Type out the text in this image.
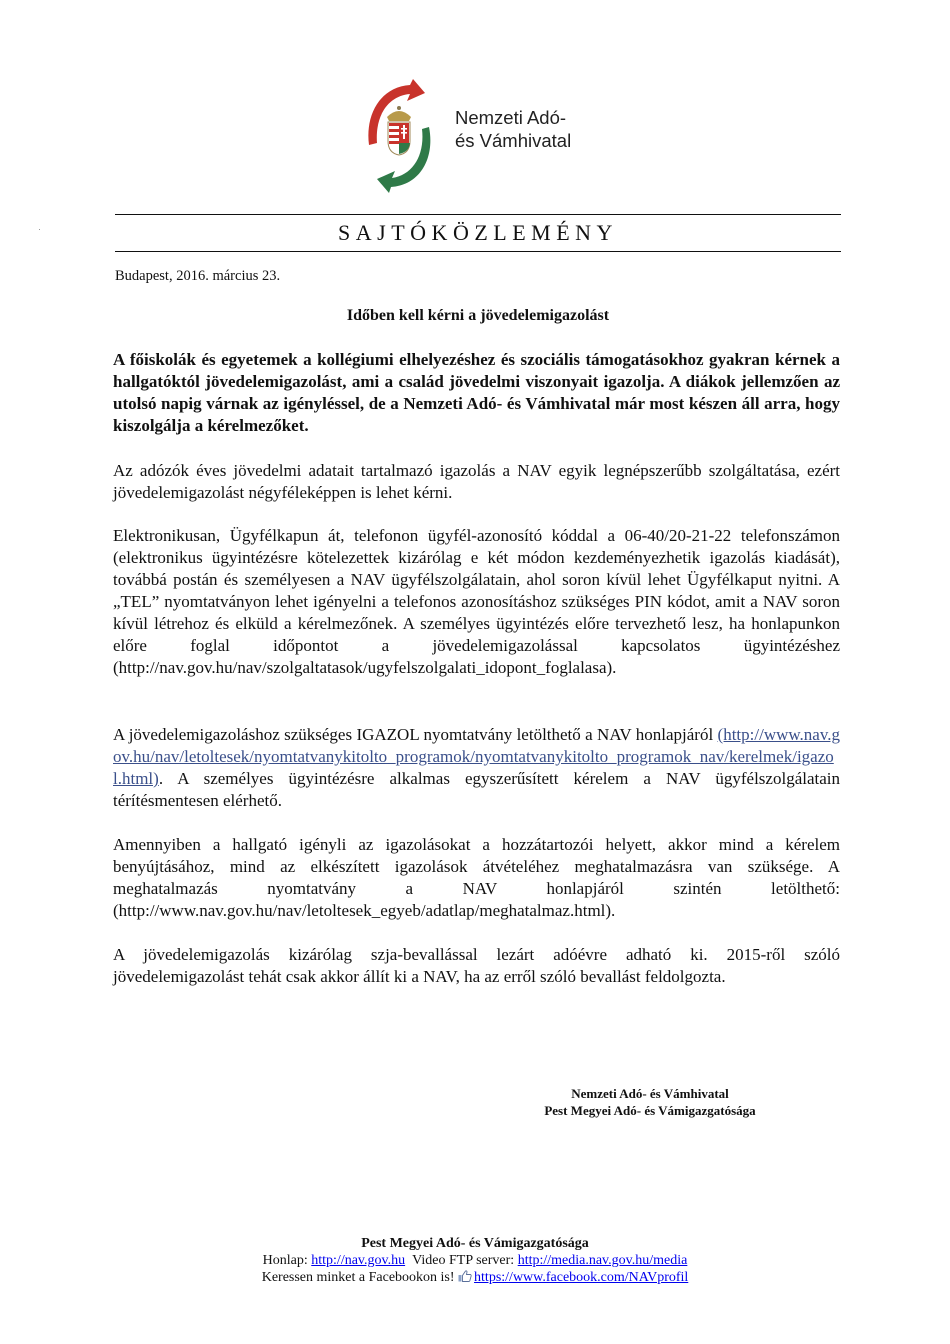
Nemzeti Adó-
és Vámhivatal
SAJTÓKÖZLEMÉNY
Budapest, 2016. március 23.
Időben kell kérni a jövedelemigazolást

A főiskolák és egyetemek a kollégiumi elhelyezéshez és szociális támogatásokhoz gyakran kérnek a hallgatóktól jövedelemigazolást, ami a család jövedelmi viszonyait igazolja. A diákok jellemzően az utolsó napig várnak az igényléssel, de a Nemzeti Adó- és Vámhivatal már most készen áll arra, hogy kiszolgálja a kérelmezőket.

Az adózók éves jövedelmi adatait tartalmazó igazolás a NAV egyik legnépszerűbb szolgáltatása, ezért jövedelemigazolást négyféleképpen is lehet kérni.

Elektronikusan, Ügyfélkapun át, telefonon ügyfél-azonosító kóddal a 06-40/20-21-22 telefonszámon (elektronikus ügyintézésre kötelezettek kizárólag e két módon kezdeményezhetik igazolás kiadását), továbbá postán és személyesen a NAV ügyfélszolgálatain, ahol soron kívül lehet Ügyfélkaput nyitni. A „TEL” nyomtatványon lehet igényelni a telefonos azonosításhoz szükséges PIN kódot, amit a NAV soron kívül létrehoz és elküld a kérelmezőnek. A személyes ügyintézés előre tervezhető lesz, ha honlapunkon előre foglal időpontot a jövedelemigazolással kapcsolatos ügyintézéshez (http://nav.gov.hu/nav/szolgaltatasok/ugyfelszolgalati_idopont_foglalasa).

A jövedelemigazoláshoz szükséges IGAZOL nyomtatvány letölthető a NAV honlapjáról (http://www.nav.gov.hu/nav/letoltesek/nyomtatvanykitolto_programok/nyomtatvanykitolto_programok_nav/kerelmek/igazol.html). A személyes ügyintézésre alkalmas egyszerűsített kérelem a NAV ügyfélszolgálatain térítésmentesen elérhető.

Amennyiben a hallgató igényli az igazolásokat a hozzátartozói helyett, akkor mind a kérelem benyújtásához, mind az elkészített igazolások átvételéhez meghatalmazásra van szüksége. A meghatalmazás nyomtatvány a NAV honlapjáról szintén letölthető: (http://www.nav.gov.hu/nav/letoltesek_egyeb/adatlap/meghatalmaz.html).

A jövedelemigazolás kizárólag szja-bevallással lezárt adóévre adható ki. 2015-ről szóló jövedelemigazolást tehát csak akkor állít ki a NAV, ha az erről szóló bevallást feldolgozta.

Nemzeti Adó- és Vámhivatal
Pest Megyei Adó- és Vámigazgatósága
Pest Megyei Adó- és Vámigazgatósága
Honlap: http://nav.gov.hu Video FTP server: http://media.nav.gov.hu/media
Keressen minket a Facebookon is! https://www.facebook.com/NAVprofil
